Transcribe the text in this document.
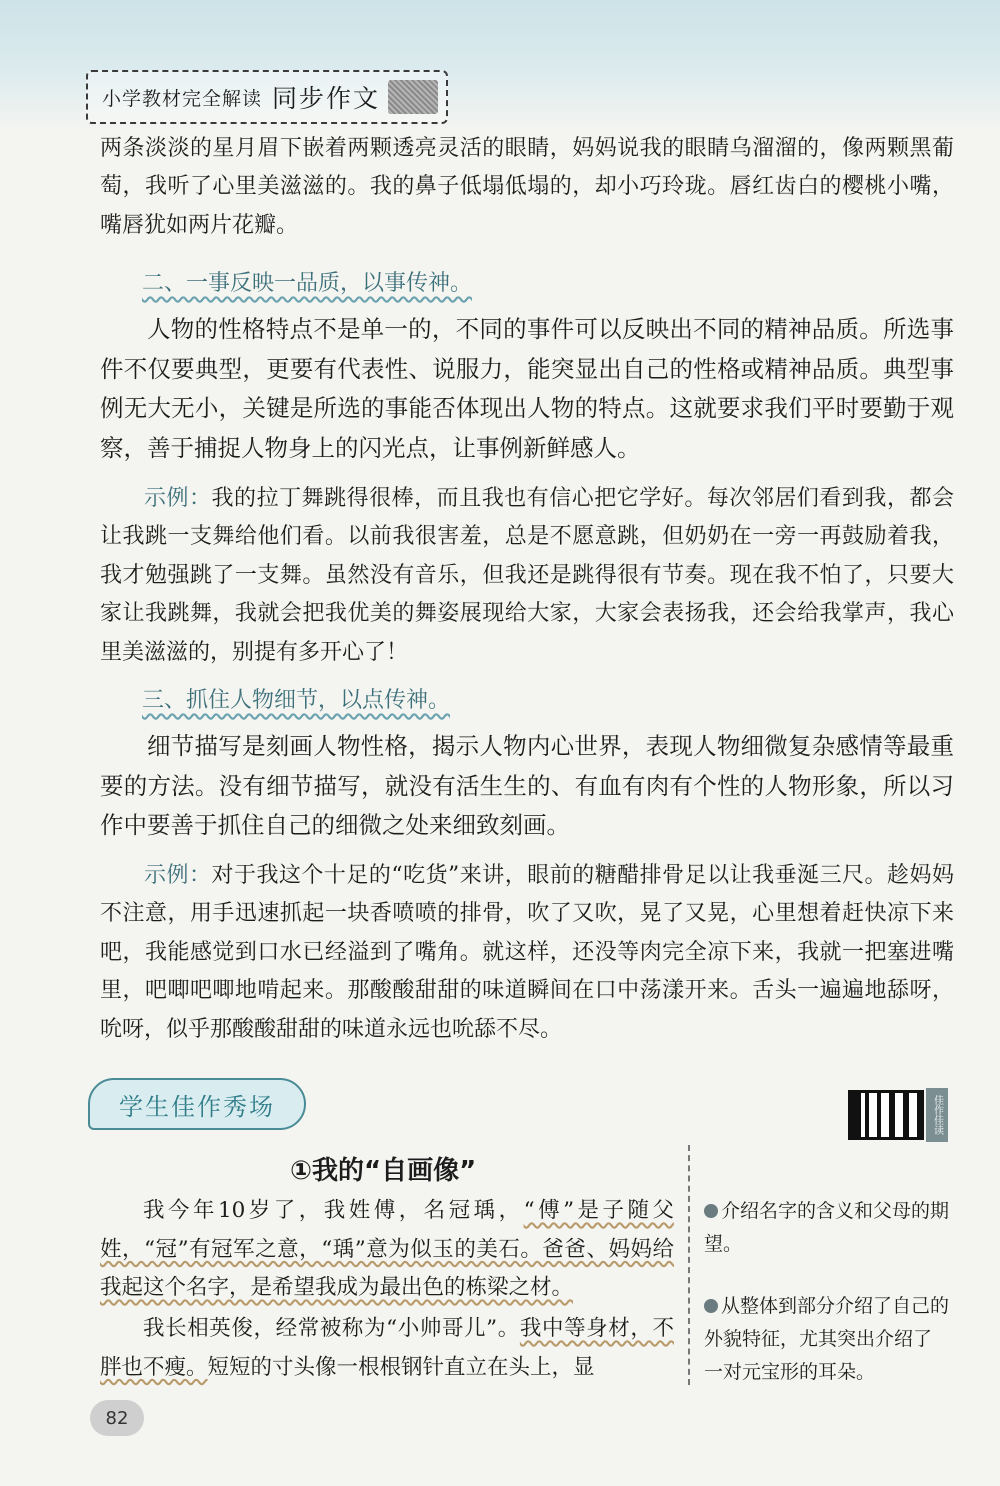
小学教材完全解读 同步作文

两条淡淡的星月眉下嵌着两颗透亮灵活的眼睛，妈妈说我的眼睛乌溜溜的，像两颗黑葡萄，我听了心里美滋滋的。我的鼻子低塌低塌的，却小巧玲珑。唇红齿白的樱桃小嘴，嘴唇犹如两片花瓣。

二、一事反映一品质，以事传神。

人物的性格特点不是单一的，不同的事件可以反映出不同的精神品质。所选事件不仅要典型，更要有代表性、说服力，能突显出自己的性格或精神品质。典型事例无大无小，关键是所选的事能否体现出人物的特点。这就要求我们平时要勤于观察，善于捕捉人物身上的闪光点，让事例新鲜感人。

示例：我的拉丁舞跳得很棒，而且我也有信心把它学好。每次邻居们看到我，都会让我跳一支舞给他们看。以前我很害羞，总是不愿意跳，但奶奶在一旁一再鼓励着我，我才勉强跳了一支舞。虽然没有音乐，但我还是跳得很有节奏。现在我不怕了，只要大家让我跳舞，我就会把我优美的舞姿展现给大家，大家会表扬我，还会给我掌声，我心里美滋滋的，别提有多开心了！

三、抓住人物细节，以点传神。

细节描写是刻画人物性格，揭示人物内心世界，表现人物细微复杂感情等最重要的方法。没有细节描写，就没有活生生的、有血有肉有个性的人物形象，所以习作中要善于抓住自己的细微之处来细致刻画。

示例：对于我这个十足的“吃货”来讲，眼前的糖醋排骨足以让我垂涎三尺。趁妈妈不注意，用手迅速抓起一块香喷喷的排骨，吹了又吹，晃了又晃，心里想着赶快凉下来吧，我能感觉到口水已经溢到了嘴角。就这样，还没等肉完全凉下来，我就一把塞进嘴里，吧唧吧唧地啃起来。那酸酸甜甜的味道瞬间在口中荡漾开来。舌头一遍遍地舔呀，吮呀，似乎那酸酸甜甜的味道永远也吮舔不尽。

学生佳作秀场	佳作佳读
①我的“自画像”

我今年10岁了，我姓傅，名冠瑀，“傅”是子随父姓，“冠”有冠军之意，“瑀”意为似玉的美石。爸爸、妈妈给我起这个名字，是希望我成为最出色的栋梁之材。

我长相英俊，经常被称为“小帅哥儿”。我中等身材，不胖也不瘦。短短的寸头像一根根钢针直立在头上，显

介绍名字的含义和父母的期望。

从整体到部分介绍了自己的外貌特征，尤其突出介绍了一对元宝形的耳朵。

82
